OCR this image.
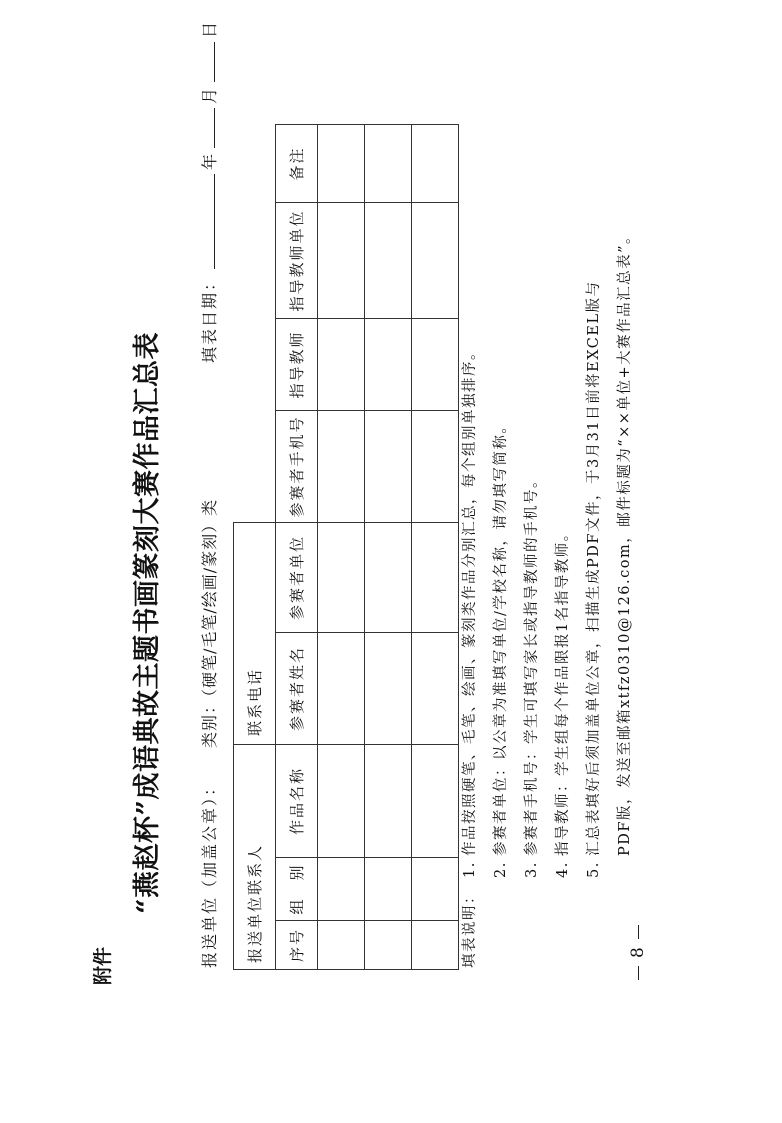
8
附件
“燕赵杯”成语典故主题书画篆刻大赛作品汇总表 报送单位（加盖公章）：
类别：（硬笔/毛笔/绘画/篆刻）类
填表日期：年月日
报送单位联系人			联系电话					
序号	组　别	作品名称	参赛者姓名	参赛者单位	参赛者手机号	指导教师	指导教师单位	备注

填表说明：1.作品按照硬笔、毛笔、绘画、篆刻类作品分别汇总，每个组别单独排序。
2.参赛者单位：以公章为准填写单位/学校名称，请勿填写简称。
3.参赛者手机号：学生可填写家长或指导教师的手机号。
4.指导教师：学生组每个作品限报1名指导教师。
5.汇总表填好后须加盖单位公章，扫描生成PDF文件，于3月31日前将EXCEL版与	PDF版，发送至邮箱xtfz0310@126.com，邮件标题为“××单位+大赛作品汇总表”。
